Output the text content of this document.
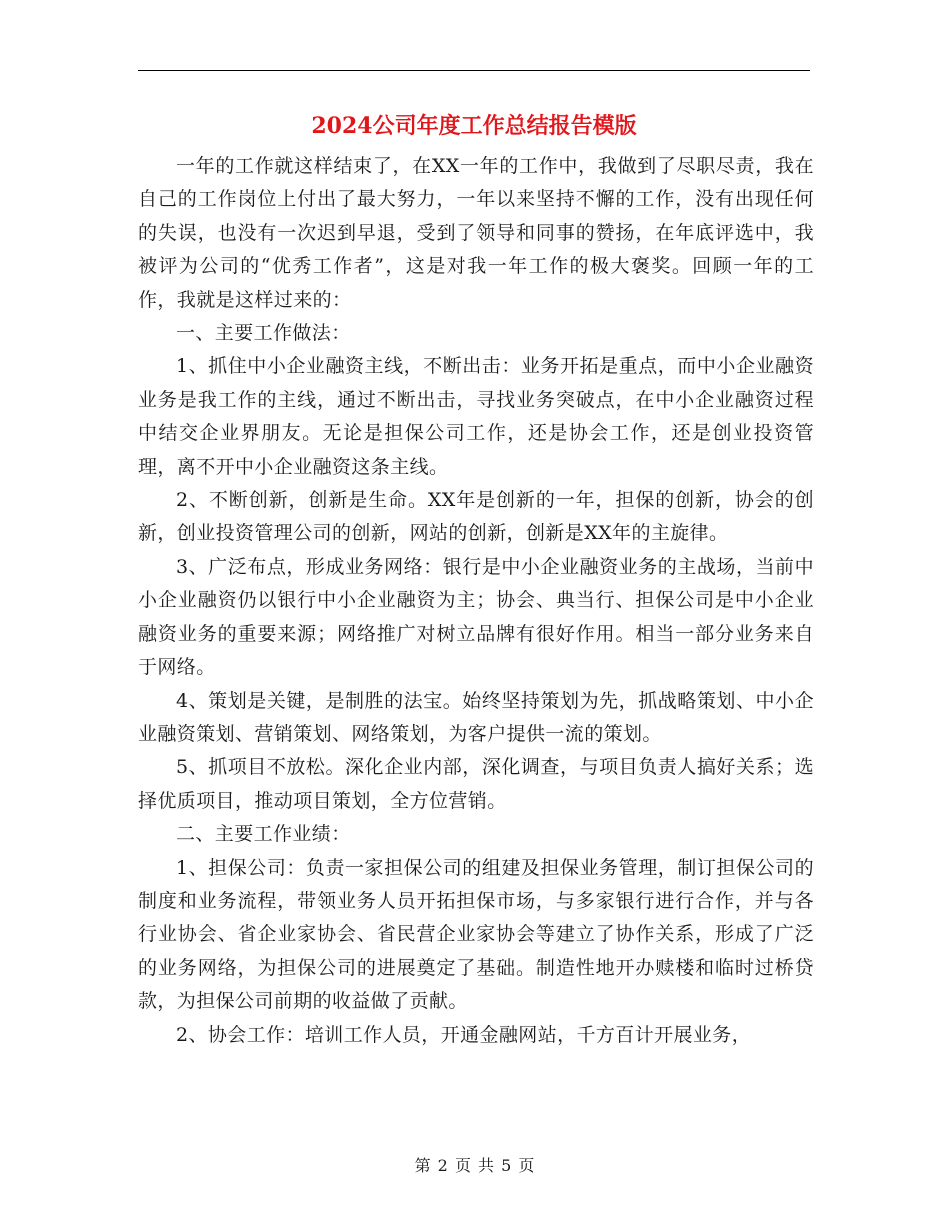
2024公司年度工作总结报告模版

一年的工作就这样结束了，在XX一年的工作中，我做到了尽职尽责，我在自己的工作岗位上付出了最大努力，一年以来坚持不懈的工作，没有出现任何的失误，也没有一次迟到早退，受到了领导和同事的赞扬，在年底评选中，我被评为公司的“优秀工作者”，这是对我一年工作的极大褒奖。回顾一年的工作，我就是这样过来的：

一、主要工作做法：

1、抓住中小企业融资主线，不断出击：业务开拓是重点，而中小企业融资业务是我工作的主线，通过不断出击，寻找业务突破点，在中小企业融资过程中结交企业界朋友。无论是担保公司工作，还是协会工作，还是创业投资管理，离不开中小企业融资这条主线。

2、不断创新，创新是生命。XX年是创新的一年，担保的创新，协会的创新，创业投资管理公司的创新，网站的创新，创新是XX年的主旋律。

3、广泛布点，形成业务网络：银行是中小企业融资业务的主战场，当前中小企业融资仍以银行中小企业融资为主；协会、典当行、担保公司是中小企业融资业务的重要来源；网络推广对树立品牌有很好作用。相当一部分业务来自于网络。

4、策划是关键，是制胜的法宝。始终坚持策划为先，抓战略策划、中小企业融资策划、营销策划、网络策划，为客户提供一流的策划。

5、抓项目不放松。深化企业内部，深化调查，与项目负责人搞好关系；选择优质项目，推动项目策划，全方位营销。

二、主要工作业绩：

1、担保公司：负责一家担保公司的组建及担保业务管理，制订担保公司的制度和业务流程，带领业务人员开拓担保市场，与多家银行进行合作，并与各行业协会、省企业家协会、省民营企业家协会等建立了协作关系，形成了广泛的业务网络，为担保公司的进展奠定了基础。制造性地开办赎楼和临时过桥贷款，为担保公司前期的收益做了贡献。

2、协会工作：培训工作人员，开通金融网站，千方百计开展业务，

第 2 页 共 5 页
